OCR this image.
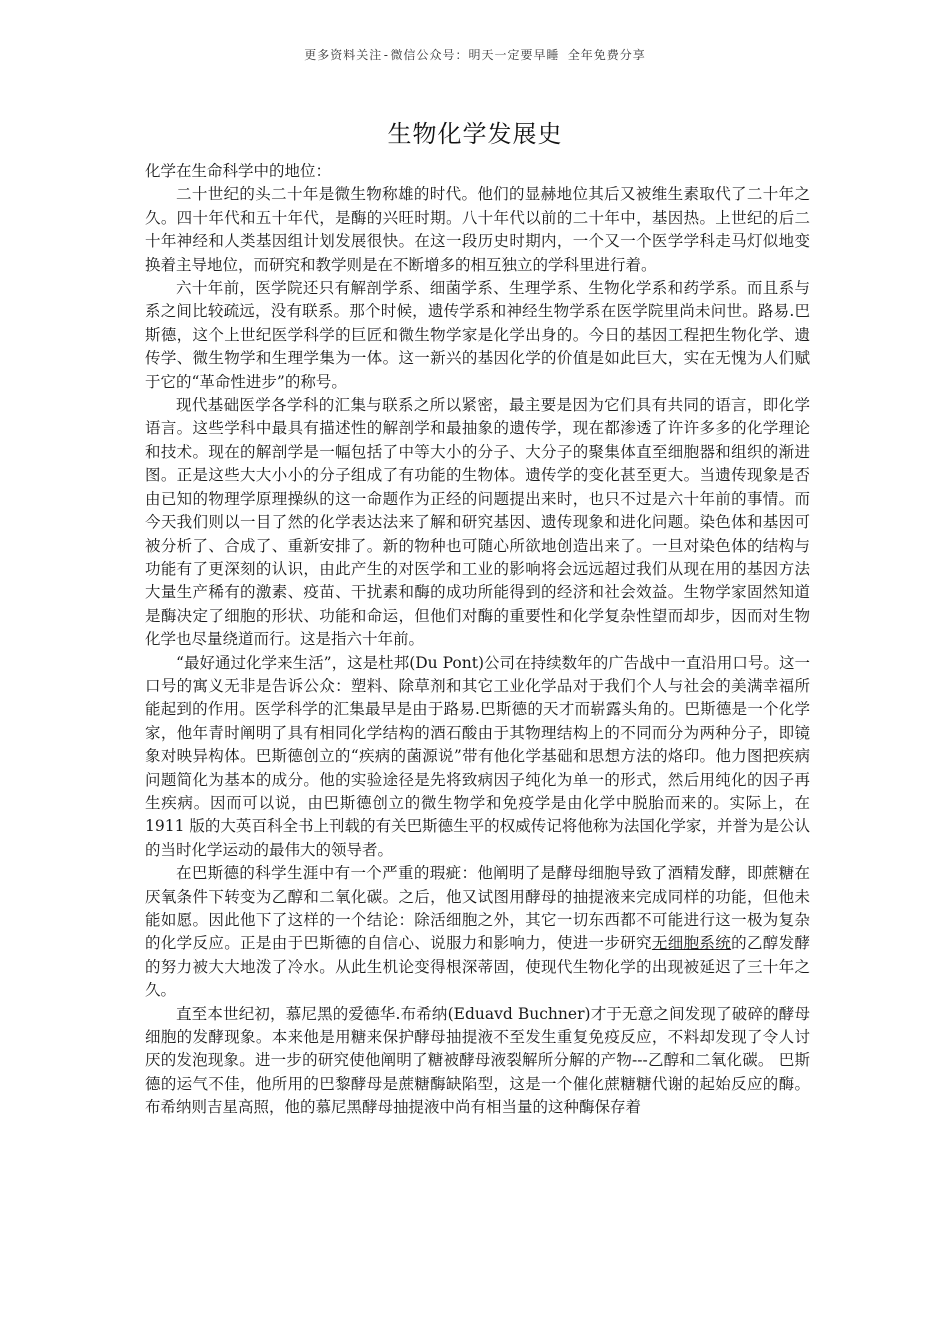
更多资料关注-微信公众号：明天一定要早睡 全年免费分享
生物化学发展史

化学在生命科学中的地位：

二十世纪的头二十年是微生物称雄的时代。他们的显赫地位其后又被维生素取代了二十年之久。四十年代和五十年代，是酶的兴旺时期。八十年代以前的二十年中，基因热。上世纪的后二十年神经和人类基因组计划发展很快。在这一段历史时期内，一个又一个医学学科走马灯似地变换着主导地位，而研究和教学则是在不断增多的相互独立的学科里进行着。

六十年前，医学院还只有解剖学系、细菌学系、生理学系、生物化学系和药学系。而且系与系之间比较疏远，没有联系。那个时候，遗传学系和神经生物学系在医学院里尚未问世。路易.巴斯德，这个上世纪医学科学的巨匠和微生物学家是化学出身的。今日的基因工程把生物化学、遗传学、微生物学和生理学集为一体。这一新兴的基因化学的价值是如此巨大，实在无愧为人们赋于它的“革命性进步”的称号。

现代基础医学各学科的汇集与联系之所以紧密，最主要是因为它们具有共同的语言，即化学语言。这些学科中最具有描述性的解剖学和最抽象的遗传学，现在都渗透了许许多多的化学理论和技术。现在的解剖学是一幅包括了中等大小的分子、大分子的聚集体直至细胞器和组织的渐进图。正是这些大大小小的分子组成了有功能的生物体。遗传学的变化甚至更大。当遗传现象是否由已知的物理学原理操纵的这一命题作为正经的问题提出来时，也只不过是六十年前的事情。而今天我们则以一目了然的化学表达法来了解和研究基因、遗传现象和进化问题。染色体和基因可被分析了、合成了、重新安排了。新的物种也可随心所欲地创造出来了。一旦对染色体的结构与功能有了更深刻的认识，由此产生的对医学和工业的影响将会远远超过我们从现在用的基因方法大量生产稀有的激素、疫苗、干扰素和酶的成功所能得到的经济和社会效益。生物学家固然知道是酶决定了细胞的形状、功能和命运，但他们对酶的重要性和化学复杂性望而却步，因而对生物化学也尽量绕道而行。这是指六十年前。

“最好通过化学来生活”，这是杜邦(Du Pont)公司在持续数年的广告战中一直沿用口号。这一口号的寓义无非是告诉公众：塑料、除草剂和其它工业化学品对于我们个人与社会的美满幸福所能起到的作用。医学科学的汇集最早是由于路易.巴斯德的天才而崭露头角的。巴斯德是一个化学家，他年青时阐明了具有相同化学结构的酒石酸由于其物理结构上的不同而分为两种分子，即镜象对映异构体。巴斯德创立的“疾病的菌源说”带有他化学基础和思想方法的烙印。他力图把疾病问题简化为基本的成分。他的实验途径是先将致病因子纯化为单一的形式，然后用纯化的因子再生疾病。因而可以说，由巴斯德创立的微生物学和免疫学是由化学中脱胎而来的。实际上，在 1911 版的大英百科全书上刊载的有关巴斯德生平的权威传记将他称为法国化学家，并誉为是公认的当时化学运动的最伟大的领导者。

在巴斯德的科学生涯中有一个严重的瑕疵：他阐明了是酵母细胞导致了酒精发酵，即蔗糖在厌氧条件下转变为乙醇和二氧化碳。之后，他又试图用酵母的抽提液来完成同样的功能，但他未能如愿。因此他下了这样的一个结论：除活细胞之外，其它一切东西都不可能进行这一极为复杂的化学反应。正是由于巴斯德的自信心、说服力和影响力，使进一步研究无细胞系统的乙醇发酵的努力被大大地泼了冷水。从此生机论变得根深蒂固，使现代生物化学的出现被延迟了三十年之久。

直至本世纪初，慕尼黑的爱德华.布希纳(Eduavd Buchner)才于无意之间发现了破碎的酵母细胞的发酵现象。本来他是用糖来保护酵母抽提液不至发生重复免疫反应，不料却发现了令人讨厌的发泡现象。进一步的研究使他阐明了糖被酵母液裂解所分解的产物---乙醇和二氧化碳。 巴斯德的运气不佳，他所用的巴黎酵母是蔗糖酶缺陷型，这是一个催化蔗糖糖代谢的起始反应的酶。布希纳则吉星高照，他的慕尼黑酵母抽提液中尚有相当量的这种酶保存着
